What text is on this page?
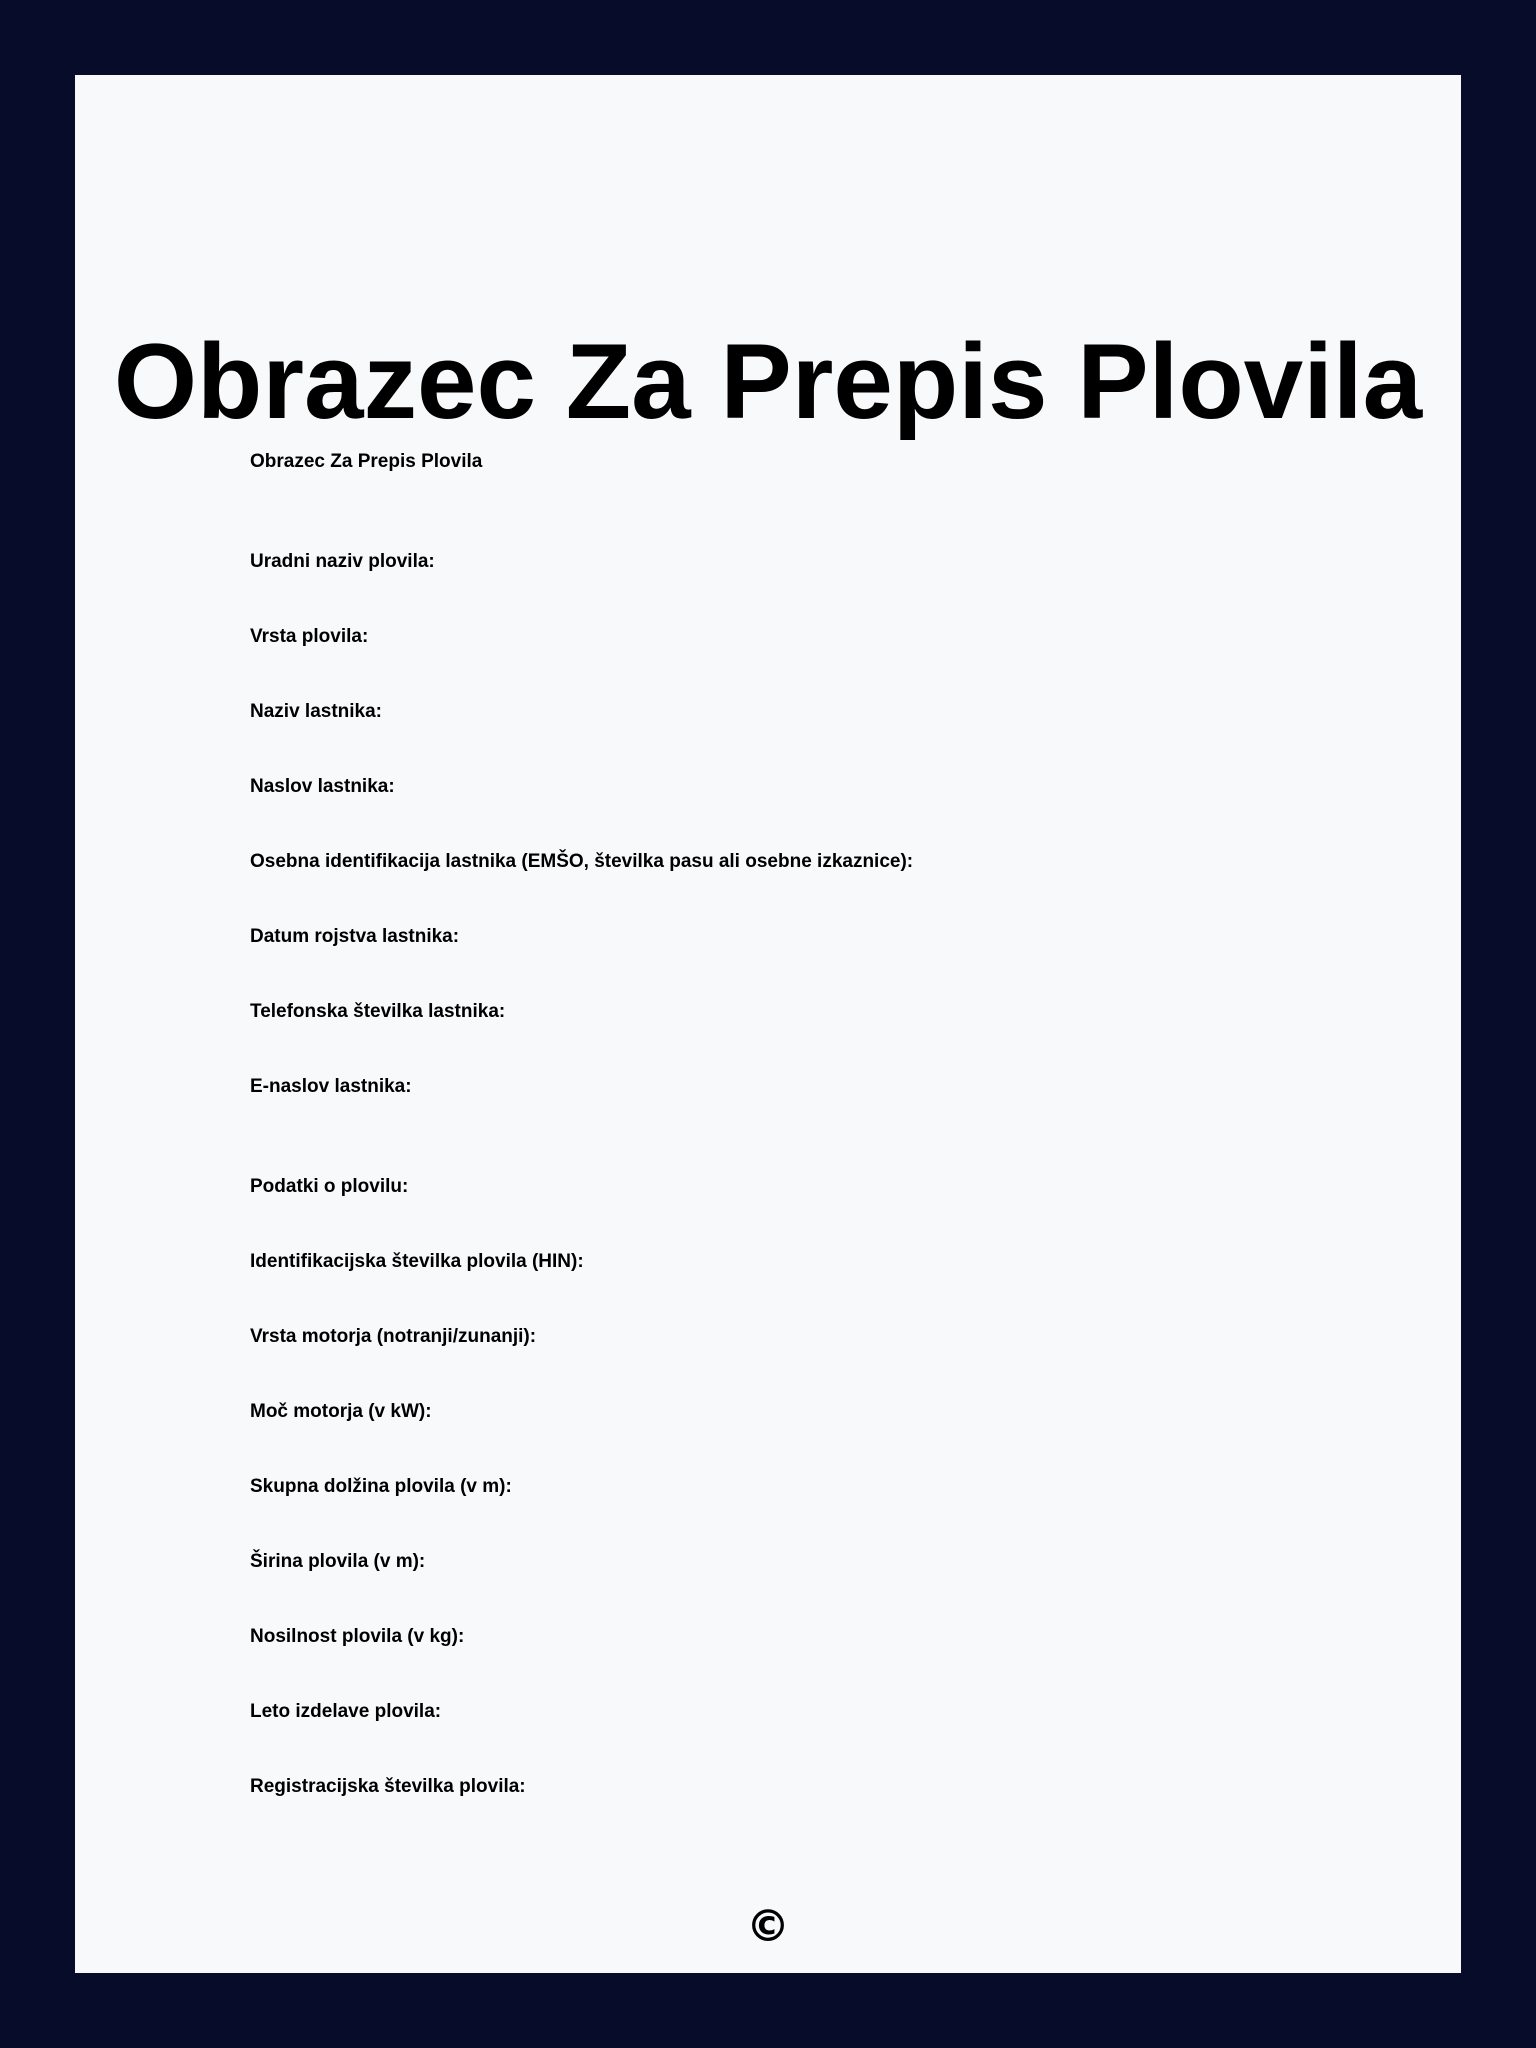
Obrazec Za Prepis Plovila

Obrazec Za Prepis Plovila

Uradni naziv plovila:

Vrsta plovila:

Naziv lastnika:

Naslov lastnika:

Osebna identifikacija lastnika (EMŠO, številka pasu ali osebne izkaznice):

Datum rojstva lastnika:

Telefonska številka lastnika:

E-naslov lastnika:

Podatki o plovilu:

Identifikacijska številka plovila (HIN):

Vrsta motorja (notranji/zunanji):

Moč motorja (v kW):

Skupna dolžina plovila (v m):

Širina plovila (v m):

Nosilnost plovila (v kg):

Leto izdelave plovila:

Registracijska številka plovila:

©
